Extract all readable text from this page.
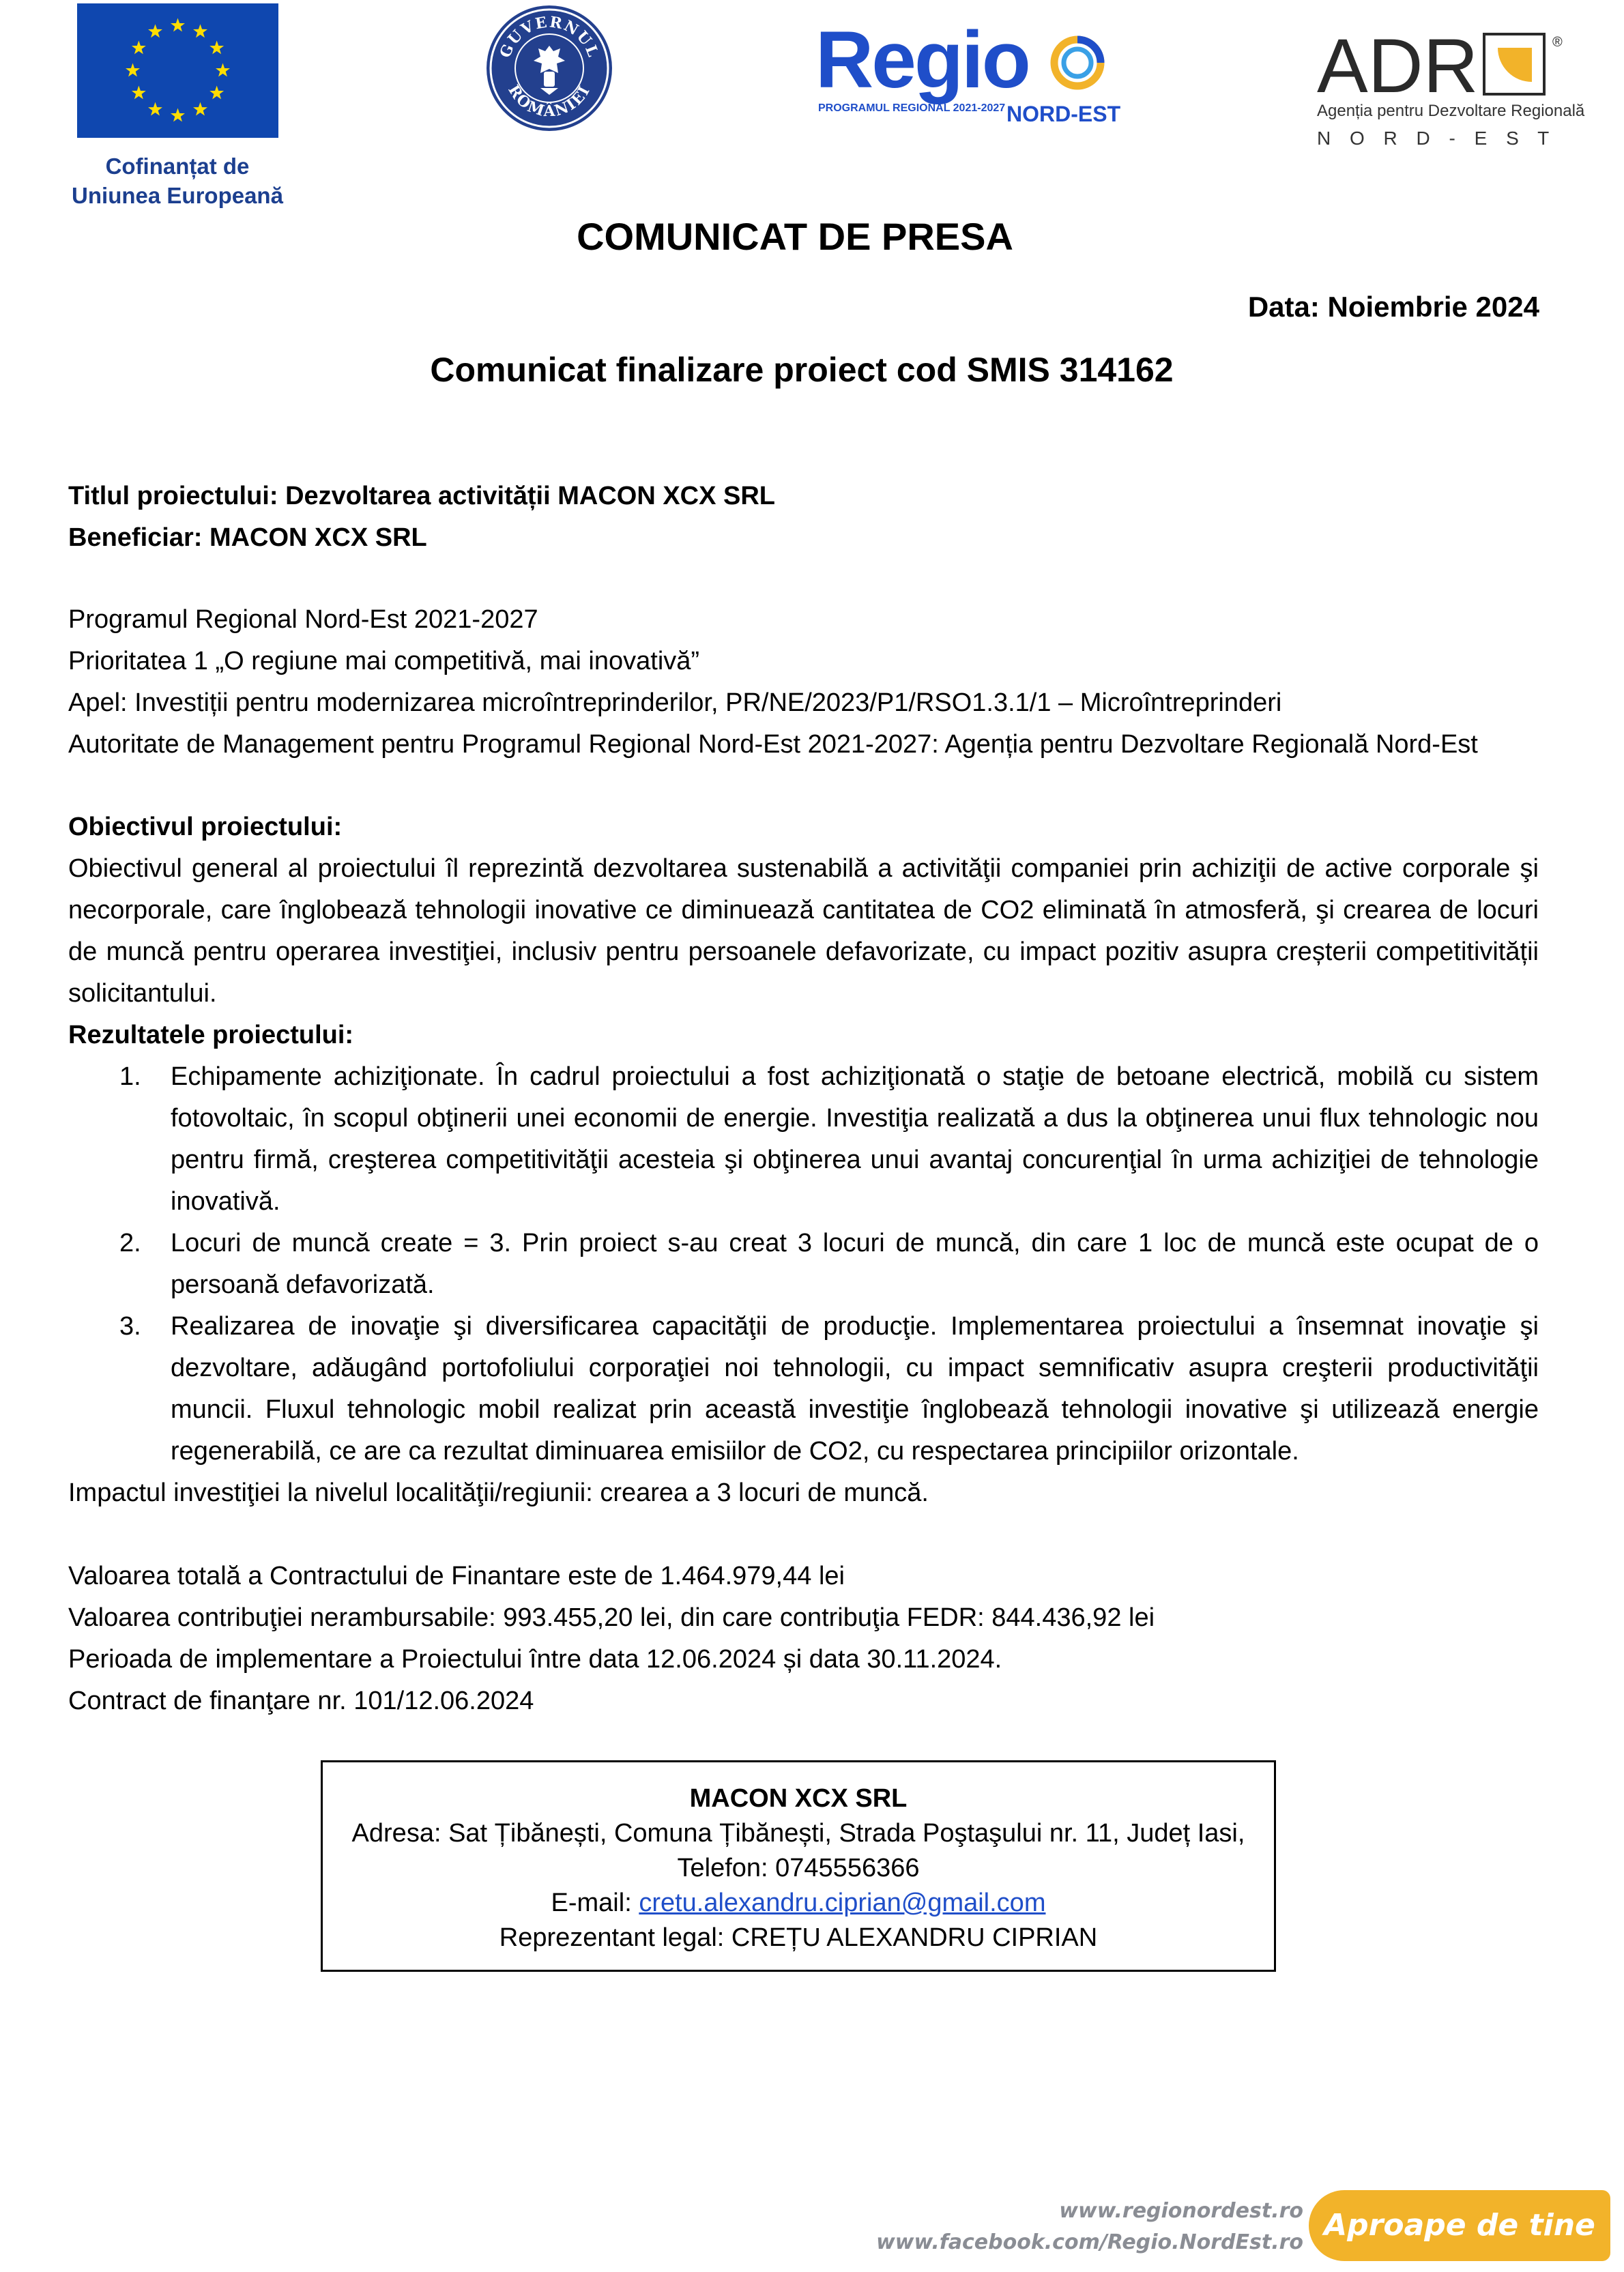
Cofinanțat de
Uniunea Europeană
GUVERNUL
ROMÂNIEI	Regio
PROGRAMUL REGIONAL 2021-2027 NORD-EST
ADR	®
Agenția pentru Dezvoltare Regională
N O R D - E S T
COMUNICAT DE PRESA
Data: Noiembrie 2024
Comunicat finalizare proiect cod SMIS 314162
Titlul proiectului: Dezvoltarea activității MACON XCX SRL
Beneficiar: MACON XCX SRL
Programul Regional Nord-Est 2021-2027
Prioritatea 1 „O regiune mai competitivă, mai inovativă”
Apel: Investiții pentru modernizarea microîntreprinderilor, PR/NE/2023/P1/RSO1.3.1/1 – Microîntreprinderi
Autoritate de Management pentru Programul Regional Nord-Est 2021-2027: Agenția pentru Dezvoltare Regională Nord-Est
Obiectivul proiectului:
Obiectivul general al proiectului îl reprezintă dezvoltarea sustenabilă a activităţii companiei prin achiziţii de active corporale şi necorporale, care înglobează tehnologii inovative ce diminuează cantitatea de CO2 eliminată în atmosferă, şi crearea de locuri de muncă pentru operarea investiţiei, inclusiv pentru persoanele defavorizate, cu impact pozitiv asupra creșterii competitivității solicitantului.
Rezultatele proiectului:
1. Echipamente achiziţionate. În cadrul proiectului a fost achiziţionată o staţie de betoane electrică, mobilă cu sistem fotovoltaic, în scopul obţinerii unei economii de energie. Investiţia realizată a dus la obţinerea unui flux tehnologic nou pentru firmă, creşterea competitivităţii acesteia şi obţinerea unui avantaj concurenţial în urma achiziţiei de tehnologie inovativă.
2. Locuri de muncă create = 3. Prin proiect s-au creat 3 locuri de muncă, din care 1 loc de muncă este ocupat de o persoană defavorizată.
3. Realizarea de inovaţie şi diversificarea capacităţii de producţie. Implementarea proiectului a însemnat inovaţie şi dezvoltare, adăugând portofoliului corporaţiei noi tehnologii, cu impact semnificativ asupra creşterii productivităţii muncii. Fluxul tehnologic mobil realizat prin această investiţie înglobează tehnologii inovative şi utilizează energie regenerabilă, ce are ca rezultat diminuarea emisiilor de CO2, cu respectarea principiilor orizontale.
Impactul investiţiei la nivelul localităţii/regiunii: crearea a 3 locuri de muncă.
Valoarea totală a Contractului de Finantare este de 1.464.979,44 lei
Valoarea contribuţiei nerambursabile: 993.455,20 lei, din care contribuţia FEDR: 844.436,92 lei
Perioada de implementare a Proiectului între data 12.06.2024 și data 30.11.2024.
Contract de finanţare nr. 101/12.06.2024
MACON XCX SRL
Adresa: Sat Țibănești, Comuna Țibănești, Strada Poştaşului nr. 11, Județ Iasi,
Telefon: 0745556366
E-mail: cretu.alexandru.ciprian@gmail.com
Reprezentant legal: CREȚU ALEXANDRU CIPRIAN
www.regionordest.ro
www.facebook.com/Regio.NordEst.ro Aproape de tine
